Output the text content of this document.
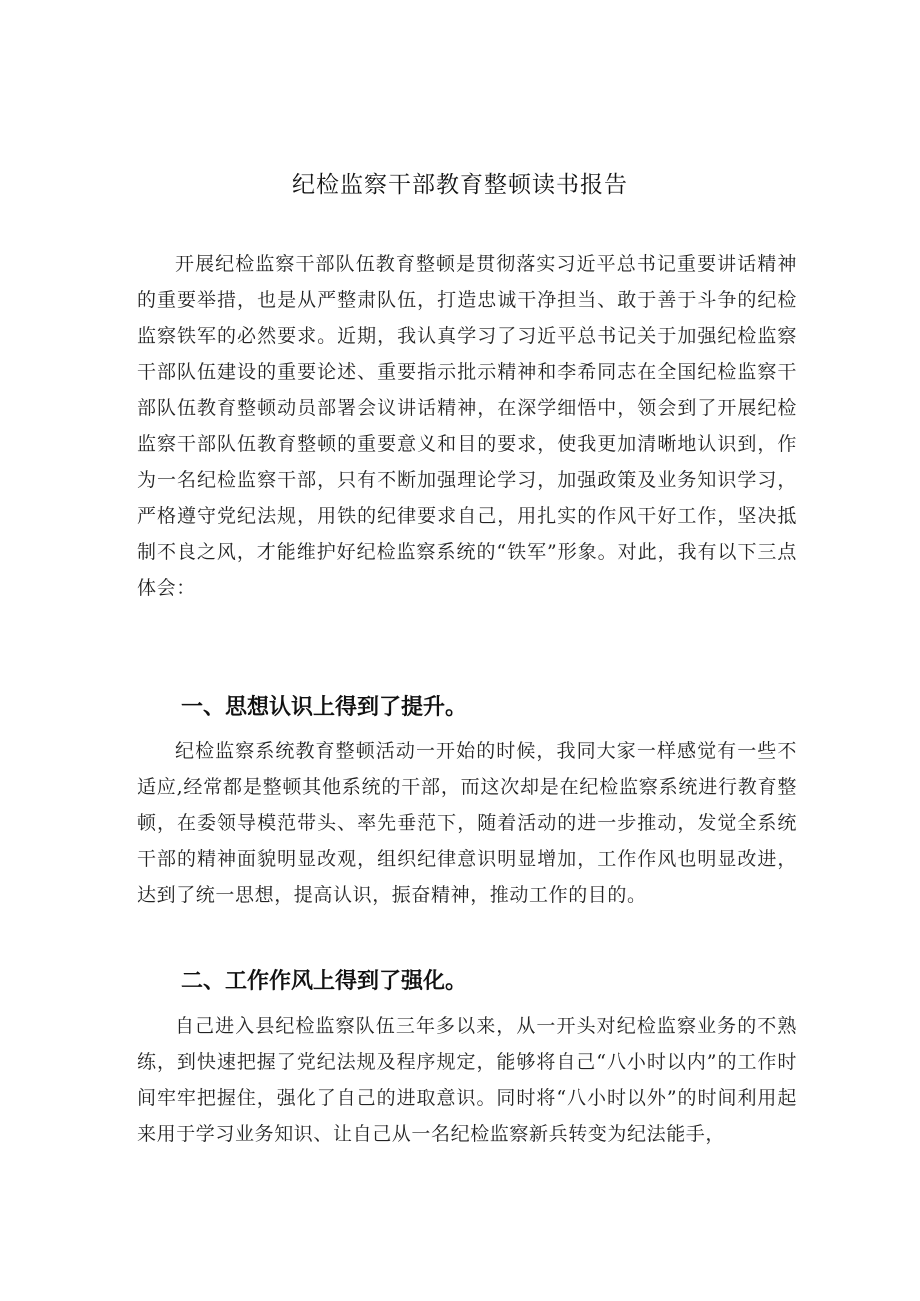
纪检监察干部教育整顿读书报告

开展纪检监察干部队伍教育整顿是贯彻落实习近平总书记重要讲话精神的重要举措，也是从严整肃队伍，打造忠诚干净担当、敢于善于斗争的纪检监察铁军的必然要求。近期，我认真学习了习近平总书记关于加强纪检监察干部队伍建设的重要论述、重要指示批示精神和李希同志在全国纪检监察干部队伍教育整顿动员部署会议讲话精神，在深学细悟中，领会到了开展纪检监察干部队伍教育整顿的重要意义和目的要求，使我更加清晰地认识到，作为一名纪检监察干部，只有不断加强理论学习，加强政策及业务知识学习，严格遵守党纪法规，用铁的纪律要求自己，用扎实的作风干好工作，坚决抵制不良之风，才能维护好纪检监察系统的“铁军”形象。对此，我有以下三点体会：

一、思想认识上得到了提升。

纪检监察系统教育整顿活动一开始的时候，我同大家一样感觉有一些不适应,经常都是整顿其他系统的干部，而这次却是在纪检监察系统进行教育整顿，在委领导模范带头、率先垂范下，随着活动的进一步推动，发觉全系统干部的精神面貌明显改观，组织纪律意识明显增加，工作作风也明显改进，达到了统一思想，提高认识，振奋精神，推动工作的目的。

二、工作作风上得到了强化。

自己进入县纪检监察队伍三年多以来，从一开头对纪检监察业务的不熟练，到快速把握了党纪法规及程序规定，能够将自己“八小时以内”的工作时间牢牢把握住，强化了自己的进取意识。同时将“八小时以外”的时间利用起来用于学习业务知识、让自己从一名纪检监察新兵转变为纪法能手，
